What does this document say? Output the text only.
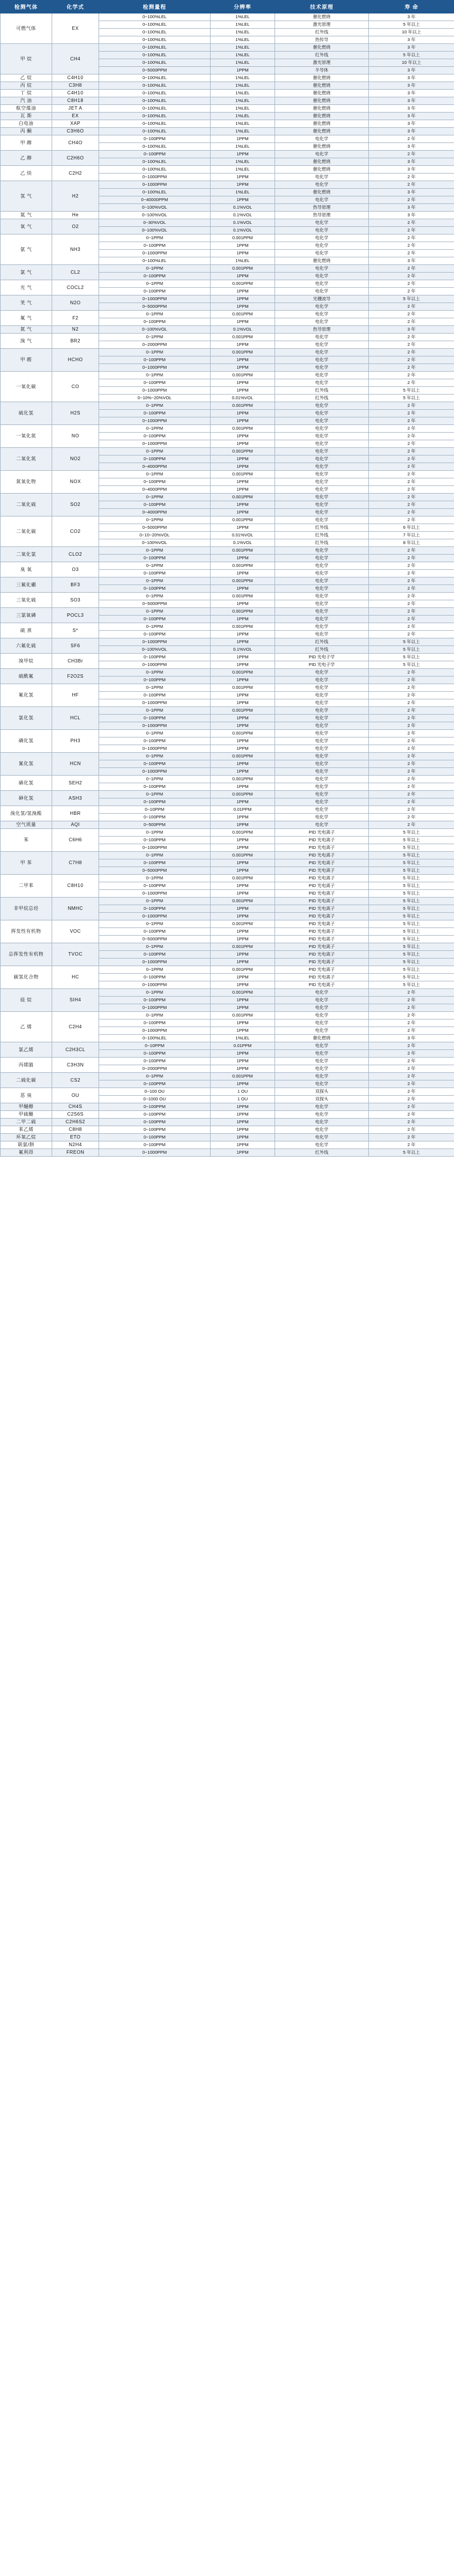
检测气体	化学式	检测量程	分辨率	技术原理	寿 命
可燃气体	EX	0~100%LEL	1%LEL	催化燃烧	3 年
		0~100%LEL	1%LEL	激光原理	5 年以上
		0~100%LEL	1%LEL	红外线	10 年以上
		0~100%LEL	1%LEL	热传导	3 年
甲 烷	CH4	0~100%LEL	1%LEL	催化燃烧	3 年
		0~100%LEL	1%LEL	红外线	5 年以上
		0~100%LEL	1%LEL	激光原理	10 年以上
		0~5000PPM	1PPM	半导体	3 年
乙 烷	C4H10	0~100%LEL	1%LEL	催化燃烧	3 年
丙 烷	C3H8	0~100%LEL	1%LEL	催化燃烧	3 年
丁 烷	C4H10	0~100%LEL	1%LEL	催化燃烧	3 年
汽 油	C8H18	0~100%LEL	1%LEL	催化燃烧	3 年
航空煤油	JET A	0~100%LEL	1%LEL	催化燃烧	3 年
瓦 斯	EX	0~100%LEL	1%LEL	催化燃烧	3 年
白电油	XAP	0~100%LEL	1%LEL	催化燃烧	3 年
丙 酮	C3H6O	0~100%LEL	1%LEL	催化燃烧	3 年
甲 醇	CH4O	0~100PPM	1PPM	电化学	2 年
		0~100%LEL	1%LEL	催化燃烧	3 年
乙 醇	C2H6O	0~100PPM	1PPM	电化学	2 年
		0~100%LEL	1%LEL	催化燃烧	3 年
乙 炔	C2H2	0~100%LEL	1%LEL	催化燃烧	3 年
		0~1000PPM	1PPM	电化学	2 年
氢 气	H2	0~1000PPM	1PPM	电化学	2 年
		0~100%LEL	1%LEL	催化燃烧	3 年
		0~40000PPM	1PPM	电化学	2 年
		0~100%VOL	0.1%VOL	热导原理	3 年
氦 气	He	0~100%VOL	0.1%VOL	热导原理	3 年
氧 气	O2	0~30%VOL	0.1%VOL	电化学	2 年
		0~100%VOL	0.1%VOL	电化学	2 年
氨 气	NH3	0~1PPM	0.001PPM	电化学	2 年
		0~100PPM	1PPM	电化学	2 年
		0~1000PPM	1PPM	电化学	2 年
		0~100%LEL	1%LEL	催化燃烧	3 年
氯 气	CL2	0~1PPM	0.001PPM	电化学	2 年
		0~100PPM	1PPM	电化学	2 年
光 气	COCL2	0~1PPM	0.001PPM	电化学	2 年
		0~100PPM	1PPM	电化学	2 年
笑 气	N2O	0~1000PPM	1PPM	光栅波导	5 年以上
		0~5000PPM	1PPM	电化学	2 年
氟 气	F2	0~1PPM	0.001PPM	电化学	2 年
		0~100PPM	1PPM	电化学	2 年
氮 气	N2	0~100%VOL	0.1%VOL	热导原理	3 年
溴 气	BR2	0~1PPM	0.001PPM	电化学	2 年
		0~2000PPM	1PPM	电化学	2 年
甲 醛	HCHO	0~1PPM	0.001PPM	电化学	2 年
		0~100PPM	1PPM	电化学	2 年
		0~1000PPM	1PPM	电化学	2 年
一氧化碳	CO	0~1PPM	0.001PPM	电化学	2 年
		0~100PPM	1PPM	电化学	2 年
		0~1000PPM	1PPM	红外线	5 年以上
		0~10%~20%VOL	0.01%VOL	红外线	5 年以上
硫化氢	H2S	0~1PPM	0.001PPM	电化学	2 年
		0~100PPM	1PPM	电化学	2 年
		0~1000PPM	1PPM	电化学	2 年
一氧化氮	NO	0~1PPM	0.001PPM	电化学	2 年
		0~100PPM	1PPM	电化学	2 年
		0~1000PPM	1PPM	电化学	2 年
二氧化氮	NO2	0~1PPM	0.001PPM	电化学	2 年
		0~100PPM	1PPM	电化学	2 年
		0~4000PPM	1PPM	电化学	2 年
氮氧化物	NOX	0~1PPM	0.001PPM	电化学	2 年
		0~100PPM	1PPM	电化学	2 年
		0~4000PPM	1PPM	电化学	2 年
二氧化硫	SO2	0~1PPM	0.001PPM	电化学	2 年
		0~100PPM	1PPM	电化学	2 年
		0~4000PPM	1PPM	电化学	2 年
二氧化碳	CO2	0~1PPM	0.001PPM	电化学	2 年
		0~5000PPM	1PPM	红外线	6 年以上
		0~10~20%VOL	0.01%VOL	红外线	7 年以上
		0~100%VOL	0.1%VOL	红外线	8 年以上
二氧化氯	CLO2	0~1PPM	0.001PPM	电化学	2 年
		0~100PPM	1PPM	电化学	2 年
臭 氧	O3	0~1PPM	0.001PPM	电化学	2 年
		0~100PPM	1PPM	电化学	2 年
三氟化硼	BF3	0~1PPM	0.001PPM	电化学	2 年
		0~100PPM	1PPM	电化学	2 年
三氧化硫	SO3	0~1PPM	0.001PPM	电化学	2 年
		0~5000PPM	1PPM	电化学	2 年
三氯氧磷	POCL3	0~1PPM	0.001PPM	电化学	2 年
		0~100PPM	1PPM	电化学	2 年
硫 蒸	S*	0~1PPM	0.001PPM	电化学	2 年
		0~100PPM	1PPM	电化学	2 年
六氟化硫	SF6	0~1000PPM	1PPM	红外线	5 年以上
		0~100%VOL	0.1%VOL	红外线	5 年以上
溴甲烷	CH3Br	0~100PPM	1PPM	PID 光电子学	5 年以上
		0~1000PPM	1PPM	PID 光电子学	5 年以上
硫酰氟	F2O2S	0~1PPM	0.001PPM	电化学	2 年
		0~100PPM	1PPM	电化学	2 年
氟化氢	HF	0~1PPM	0.001PPM	电化学	2 年
		0~100PPM	1PPM	电化学	2 年
		0~1000PPM	1PPM	电化学	2 年
氯化氢	HCL	0~1PPM	0.001PPM	电化学	2 年
		0~100PPM	1PPM	电化学	2 年
		0~1000PPM	1PPM	电化学	2 年
磷化氢	PH3	0~1PPM	0.001PPM	电化学	2 年
		0~100PPM	1PPM	电化学	2 年
		0~1000PPM	1PPM	电化学	2 年
氰化氢	HCN	0~1PPM	0.001PPM	电化学	2 年
		0~100PPM	1PPM	电化学	2 年
		0~1000PPM	1PPM	电化学	2 年
硒化氢	SEH2	0~1PPM	0.001PPM	电化学	2 年
		0~100PPM	1PPM	电化学	2 年
砷化氢	ASH3	0~1PPM	0.001PPM	电化学	2 年
		0~100PPM	1PPM	电化学	2 年
溴化氢/氢溴酸	HBR	0~10PPM	0.01PPM	电化学	2 年
		0~100PPM	1PPM	电化学	2 年
空气质量	AQI	0~500PPM	1PPM	电化学	2 年
苯	C6H6	0~1PPM	0.001PPM	PID 光电离子	5 年以上
		0~100PPM	1PPM	PID 光电离子	5 年以上
		0~1000PPM	1PPM	PID 光电离子	5 年以上
甲 苯	C7H8	0~1PPM	0.001PPM	PID 光电离子	5 年以上
		0~100PPM	1PPM	PID 光电离子	5 年以上
		0~5000PPM	1PPM	PID 光电离子	5 年以上
二甲苯	C8H10	0~1PPM	0.001PPM	PID 光电离子	5 年以上
		0~100PPM	1PPM	PID 光电离子	5 年以上
		0~1000PPM	1PPM	PID 光电离子	5 年以上
非甲烷总烃	NMHC	0~1PPM	0.001PPM	PID 光电离子	5 年以上
		0~100PPM	1PPM	PID 光电离子	5 年以上
		0~1000PPM	1PPM	PID 光电离子	5 年以上
挥发性有机物	VOC	0~1PPM	0.001PPM	PID 光电离子	5 年以上
		0~100PPM	1PPM	PID 光电离子	5 年以上
		0~5000PPM	1PPM	PID 光电离子	5 年以上
总挥发性有机物	TVOC	0~1PPM	0.001PPM	PID 光电离子	5 年以上
		0~100PPM	1PPM	PID 光电离子	5 年以上
		0~1000PPM	1PPM	PID 光电离子	5 年以上
碳氢化合物	HC	0~1PPM	0.001PPM	PID 光电离子	5 年以上
		0~100PPM	1PPM	PID 光电离子	5 年以上
		0~1000PPM	1PPM	PID 光电离子	5 年以上
硅 烷	SIH4	0~1PPM	0.001PPM	电化学	2 年
		0~100PPM	1PPM	电化学	2 年
		0~1000PPM	1PPM	电化学	2 年
乙 烯	C2H4	0~1PPM	0.001PPM	电化学	2 年
		0~100PPM	1PPM	电化学	2 年
		0~1000PPM	1PPM	电化学	2 年
		0~100%LEL	1%LEL	催化燃烧	3 年
氯乙烯	C2H3CL	0~10PPM	0.01PPM	电化学	2 年
		0~100PPM	1PPM	电化学	2 年
丙烯腈	C3H3N	0~100PPM	1PPM	电化学	2 年
		0~2000PPM	1PPM	电化学	2 年
二硫化碳	CS2	0~1PPM	0.001PPM	电化学	2 年
		0~100PPM	1PPM	电化学	2 年
恶 臭	OU	0~100 OU	1 OU	双探头	2 年
		0~1000 OU	1 OU	双探头	2 年
甲醚醇	CH4S	0~100PPM	1PPM	电化学	2 年
甲硫醚	C2S6S	0~100PPM	1PPM	电化学	2 年
二甲二硫	C2H6S2	0~100PPM	1PPM	电化学	2 年
苯乙烯	C8H8	0~100PPM	1PPM	电化学	2 年
环氧乙烷	ETO	0~100PPM	1PPM	电化学	2 年
联氨/肼	N2H4	0~100PPM	1PPM	电化学	2 年
氟利昂	FREON	0~1000PPM	1PPM	红外线	5 年以上
